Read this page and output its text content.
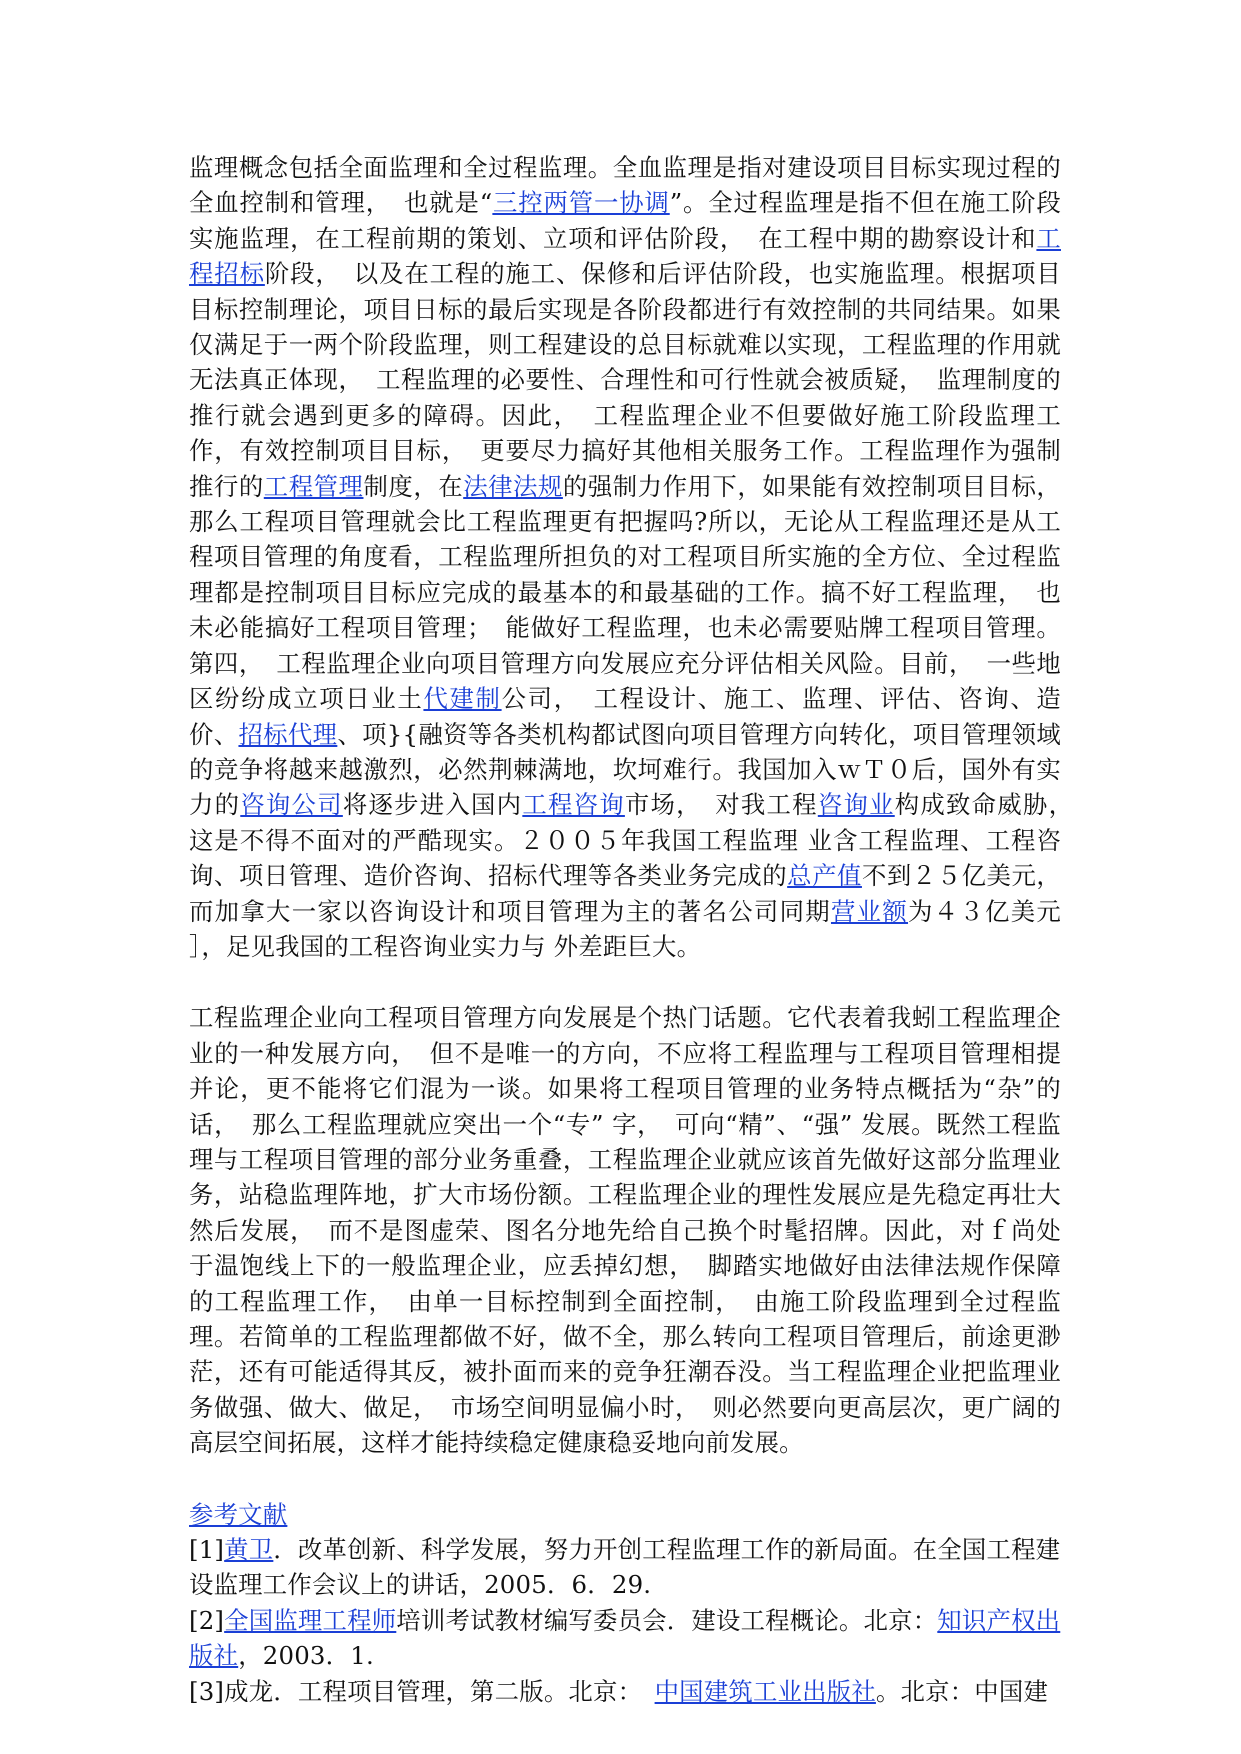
监理概念包括全面监理和全过程监理。全血监理是指对建设项目目标实现过程的全血控制和管理，　也就是“三控两管一协调”。全过程监理是指不但在施工阶段实施监理，在工程前期的策划、立项和评估阶段，　在工程中期的勘察设计和工程招标阶段，　以及在工程的施工、保修和后评估阶段，也实施监理。根据项目目标控制理论，项目日标的最后实现是各阶段都进行有效控制的共同结果。如果仅满足于一两个阶段监理，则工程建设的总目标就难以实现，工程监理的作用就无法真正体现，　工程监理的必要性、合理性和可行性就会被质疑，　监理制度的推行就会遇到更多的障碍。因此，　工程监理企业不但要做好施工阶段监理工作，有效控制项目目标，　更要尽力搞好其他相关服务工作。工程监理作为强制推行的工程管理制度，在法律法规的强制力作用下，如果能有效控制项目目标，那么工程项目管理就会比工程监理更有把握吗?所以，无论从工程监理还是从工程项目管理的角度看，工程监理所担负的对工程项目所实施的全方位、全过程监理都是控制项目目标应完成的最基本的和最基础的工作。搞不好工程监理，　也未必能搞好工程项目管理；　能做好工程监理，也未必需要贴牌工程项目管理。第四，　工程监理企业向项目管理方向发展应充分评估相关风险。目前，　一些地区纷纷成立项日业土代建制公司，　工程设计、施工、监理、评估、咨询、造价、招标代理、项}{融资等各类机构都试图向项目管理方向转化，项目管理领域的竞争将越来越激烈，必然荆棘满地，坎坷难行。我国加入ｗＴ０后，国外有实力的咨询公司将逐步进入国内工程咨询市场，　对我工程咨询业构成致命威胁，　这是不得不面对的严酷现实。２００５年我国工程监理 业含工程监理、工程咨询、项日管理、造价咨询、招标代理等各类业务完成的总产值不到２５亿美元，而加拿大一家以咨询设计和项目管理为主的著名公司同期营业额为４３亿美元 ］，足见我国的工程咨询业实力与 外差距巨大。

工程监理企业向工程项目管理方向发展是个热门话题。它代表着我蚓工程监理企业的一种发展方向，　但不是唯一的方向，不应将工程监理与工程项目管理相提并论，更不能将它们混为一谈。如果将工程项目管理的业务特点概括为“杂”的话，　那么工程监理就应突出一个“专” 字，　可向“精”、“强” 发展。既然工程监理与工程项目管理的部分业务重叠，工程监理企业就应该首先做好这部分监理业务，站稳监理阵地，扩大市场份额。工程监理企业的理性发展应是先稳定再壮大然后发展，　而不是图虚荣、图名分地先给自己换个时髦招牌。因此，对ｆ尚处于温饱线上下的一般监理企业，应丢掉幻想，　脚踏实地做好由法律法规作保障的工程监理工作，　由单一目标控制到全面控制，　由施工阶段监理到全过程监理。若简单的工程监理都做不好，做不全，那么转向工程项目管理后，前途更渺茫，还有可能适得其反，被扑面而来的竞争狂潮吞没。当工程监理企业把监理业务做强、做大、做足，　市场空间明显偏小时，　则必然要向更高层次，更广阔的高层空间拓展，这样才能持续稳定健康稳妥地向前发展。

参考文献

[1]黄卫．改革创新、科学发展，努力开创工程监理工作的新局面。在全国工程建设监理工作会议上的讲话，2005．6．29.

[2]全国监理工程师培训考试教材编写委员会．建设工程概论。北京：知识产权出版社，2003．1.

[3]成龙．工程项目管理，第二版。北京：　中国建筑工业出版社。北京：中国建
